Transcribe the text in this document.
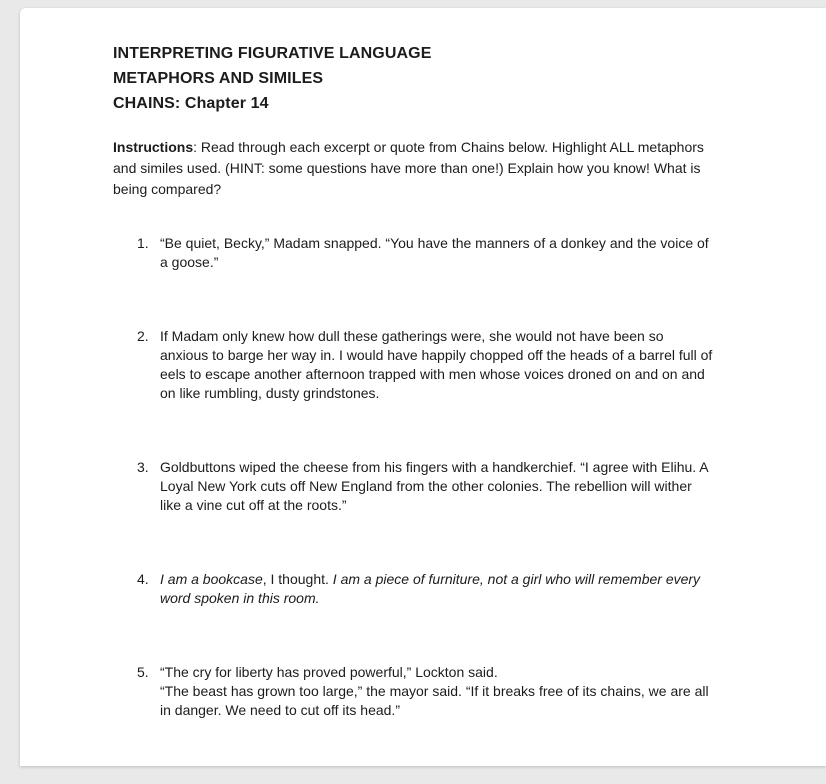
INTERPRETING FIGURATIVE LANGUAGE
METAPHORS AND SIMILES
CHAINS: Chapter 14

Instructions: Read through each excerpt or quote from Chains below. Highlight ALL metaphors and similes used. (HINT: some questions have more than one!) Explain how you know! What is being compared?

1. “Be quiet, Becky,” Madam snapped. “You have the manners of a donkey and the voice of a goose.”
2. If Madam only knew how dull these gatherings were, she would not have been so anxious to barge her way in. I would have happily chopped off the heads of a barrel full of eels to escape another afternoon trapped with men whose voices droned on and on and on like rumbling, dusty grindstones.
3. Goldbuttons wiped the cheese from his fingers with a handkerchief. “I agree with Elihu. A Loyal New York cuts off New England from the other colonies. The rebellion will wither like a vine cut off at the roots.”
4. I am a bookcase, I thought. I am a piece of furniture, not a girl who will remember every word spoken in this room.
5. “The cry for liberty has proved powerful,” Lockton said.
“The beast has grown too large,” the mayor said. “If it breaks free of its chains, we are all in danger. We need to cut off its head.”
